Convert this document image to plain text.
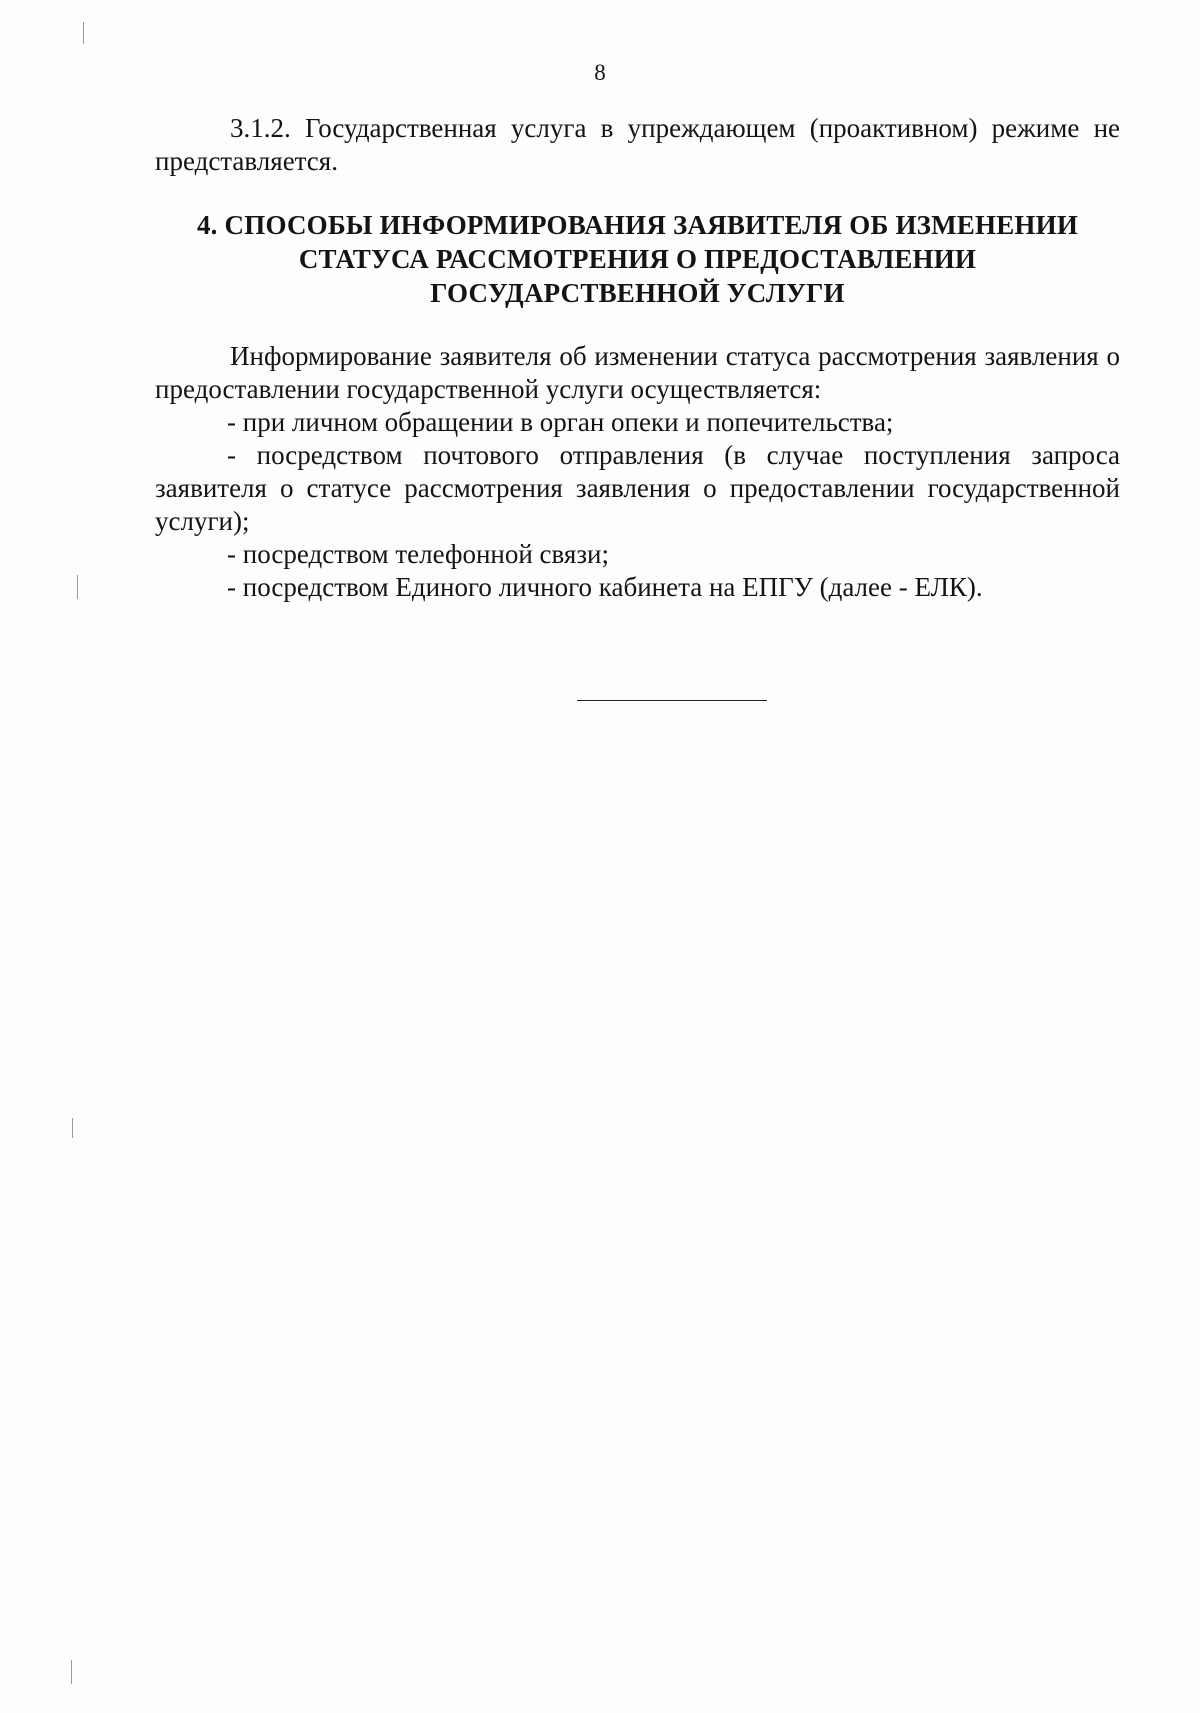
8

3.1.2. Государственная услуга в упреждающем (проактивном) режиме не представляется.

4. СПОСОБЫ ИНФОРМИРОВАНИЯ ЗАЯВИТЕЛЯ ОБ ИЗМЕНЕНИИ
СТАТУСА РАССМОТРЕНИЯ О ПРЕДОСТАВЛЕНИИ
ГОСУДАРСТВЕННОЙ УСЛУГИ

Информирование заявителя об изменении статуса рассмотрения заявления о предоставлении государственной услуги осуществляется:

- при личном обращении в орган опеки и попечительства;

- посредством почтового отправления (в случае поступления запроса заявителя о статусе рассмотрения заявления о предоставлении государственной услуги);

- посредством телефонной связи;

- посредством Единого личного кабинета на ЕПГУ (далее - ЕЛК).
